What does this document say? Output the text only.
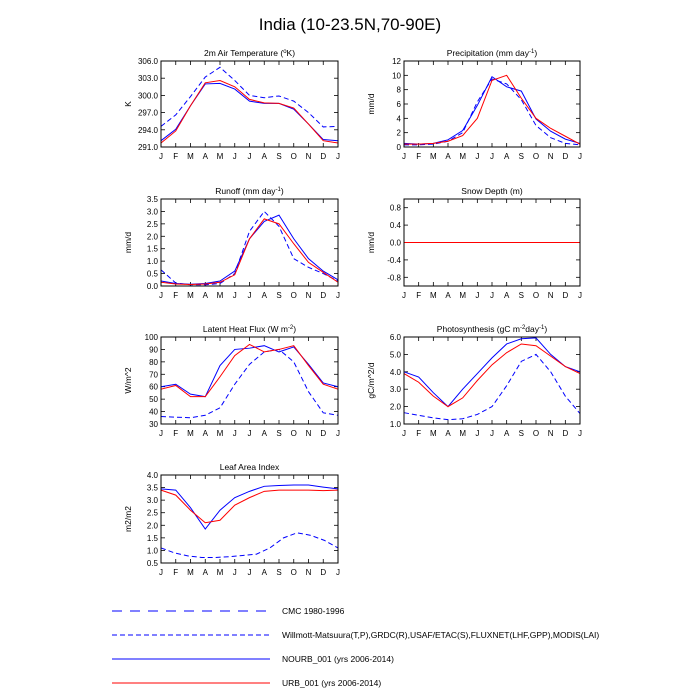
India (10-23.5N,70-90E)
2m Air Temperature ($^o$K)
291.0
294.0
297.0
300.0
303.0
306.0
K
J F M A M J J A S O N D J
Precipitation (mm day$^{-1}$)
0
2
4
6
8
10
12
mm/d
J F M A M J J A S O N D J
Runoff (mm day$^{-1}$)
0.0
0.5
1.0
1.5
2.0
2.5
3.0
3.5
mm/d
J F M A M J J A S O N D J
Snow Depth (m)
-0.8
-0.4
0.0
0.4
0.8
mm/d
J F M A M J J A S O N D J
Latent Heat Flux (W $m^{-2}$)
30
40
50
60
70
80
90
100
W/m^2
J F M A M J J A S O N D J
Photosynthesis (gC $m^{-2}day^{-1}$)
1.0
2.0
3.0
4.0
5.0
6.0
gC/m^2/d
J F M A M J J A S O N D J
Leaf Area Index
0.5
1.0
1.5
2.0
2.5
3.0
3.5
4.0
m2/m2
J F M A M J J A S O N D J
CMC 1980-1996
Willmott-Matsuura(T,P),GRDC(R),USAF/ETAC(S),FLUXNET(LHF,GPP),MODIS(LAI)
NOURB_001 (yrs 2006-2014)
URB_001 (yrs 2006-2014)
